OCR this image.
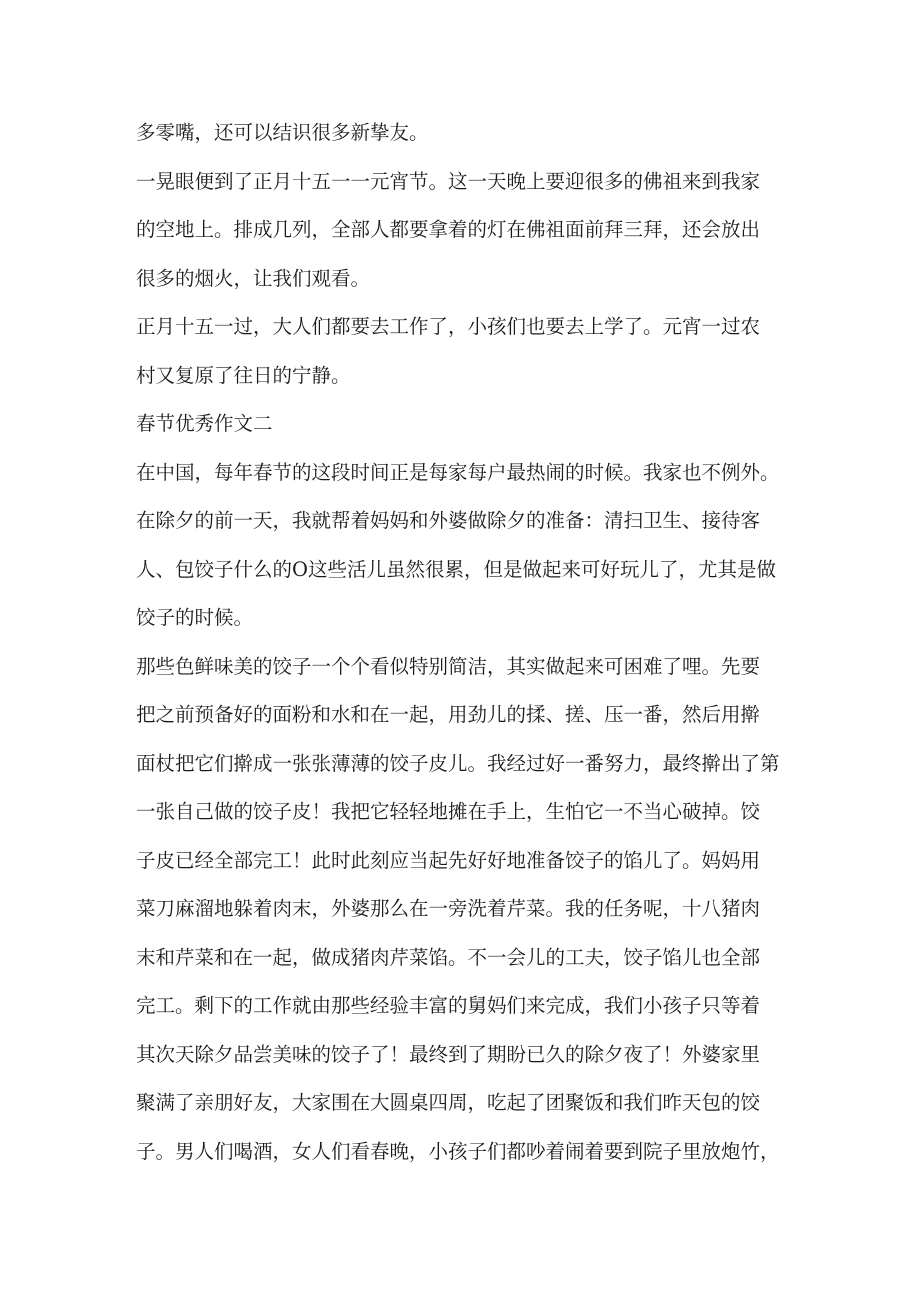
多零嘴，还可以结识很多新挚友。
一晃眼便到了正月十五一一元宵节。这一天晚上要迎很多的佛祖来到我家
的空地上。排成几列，全部人都要拿着的灯在佛祖面前拜三拜，还会放出
很多的烟火，让我们观看。
正月十五一过，大人们都要去工作了，小孩们也要去上学了。元宵一过农
村又复原了往日的宁静。
春节优秀作文二
在中国，每年春节的这段时间正是每家每户最热闹的时候。我家也不例外。
在除夕的前一天，我就帮着妈妈和外婆做除夕的准备：清扫卫生、接待客
人、包饺子什么的O这些活儿虽然很累，但是做起来可好玩儿了，尤其是做
饺子的时候。
那些色鲜味美的饺子一个个看似特别简洁，其实做起来可困难了哩。先要
把之前预备好的面粉和水和在一起，用劲儿的揉、搓、压一番，然后用擀
面杖把它们擀成一张张薄薄的饺子皮儿。我经过好一番努力，最终擀出了第
一张自己做的饺子皮！我把它轻轻地摊在手上，生怕它一不当心破掉。饺
子皮已经全部完工！此时此刻应当起先好好地准备饺子的馅儿了。妈妈用
菜刀麻溜地躲着肉末，外婆那么在一旁洗着芹菜。我的任务呢，十八猪肉
末和芹菜和在一起，做成猪肉芹菜馅。不一会儿的工夫，饺子馅儿也全部
完工。剩下的工作就由那些经验丰富的舅妈们来完成，我们小孩子只等着
其次天除夕品尝美味的饺子了！最终到了期盼已久的除夕夜了！外婆家里
聚满了亲朋好友，大家围在大圆桌四周，吃起了团聚饭和我们昨天包的饺
子。男人们喝酒，女人们看春晚，小孩子们都吵着闹着要到院子里放炮竹，
